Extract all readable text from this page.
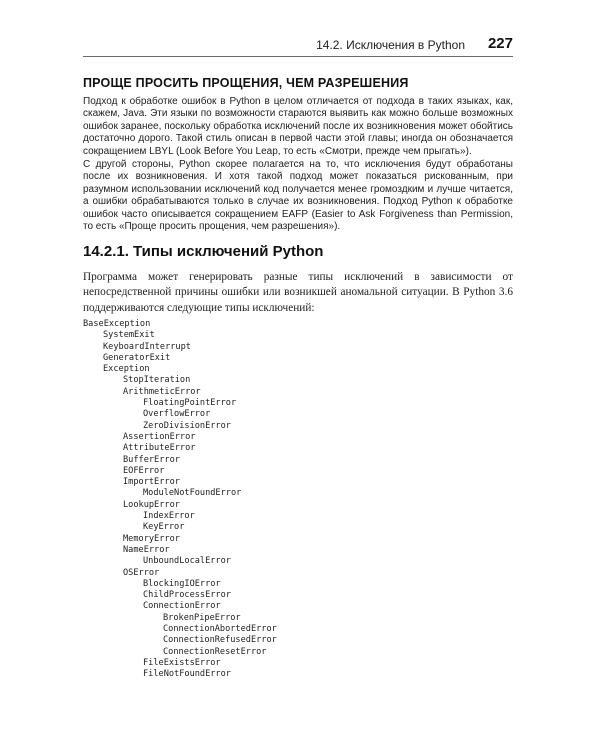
14.2. Исключения в Python 227
ПРОЩЕ ПРОСИТЬ ПРОЩЕНИЯ, ЧЕМ РАЗРЕШЕНИЯ

Подход к обработке ошибок в Python в целом отличается от подхода в таких языках, как, скажем, Java. Эти языки по возможности стараются выявить как можно больше возможных ошибок заранее, поскольку обработка исключений после их возникновения может обойтись достаточно дорого. Такой стиль описан в первой части этой главы; иногда он обозначается сокращением LBYL (Look Before You Leap, то есть «Смотри, прежде чем прыгать»).

С другой стороны, Python скорее полагается на то, что исключения будут обработаны после их возникновения. И хотя такой подход может показаться рискованным, при разумном использовании исключений код получается менее громоздким и лучше читается, а ошибки обрабатываются только в случае их возникновения. Подход Python к обработке ошибок часто описывается сокращением EAFP (Easier to Ask Forgiveness than Permission, то есть «Проще просить прощения, чем разрешения»).

14.2.1. Типы исключений Python

Программа может генерировать разные типы исключений в зависимости от непосредственной причины ошибки или возникшей аномальной ситуации. В Python 3.6 поддерживаются следующие типы исключений:

BaseException
SystemExit
KeyboardInterrupt
GeneratorExit
Exception
StopIteration
ArithmeticError
FloatingPointError
OverflowError
ZeroDivisionError
AssertionError
AttributeError
BufferError
EOFError
ImportError
ModuleNotFoundError
LookupError
IndexError
KeyError
MemoryError
NameError
UnboundLocalError
OSError
BlockingIOError
ChildProcessError
ConnectionError
BrokenPipeError
ConnectionAbortedError
ConnectionRefusedError
ConnectionResetError
FileExistsError
FileNotFoundError
